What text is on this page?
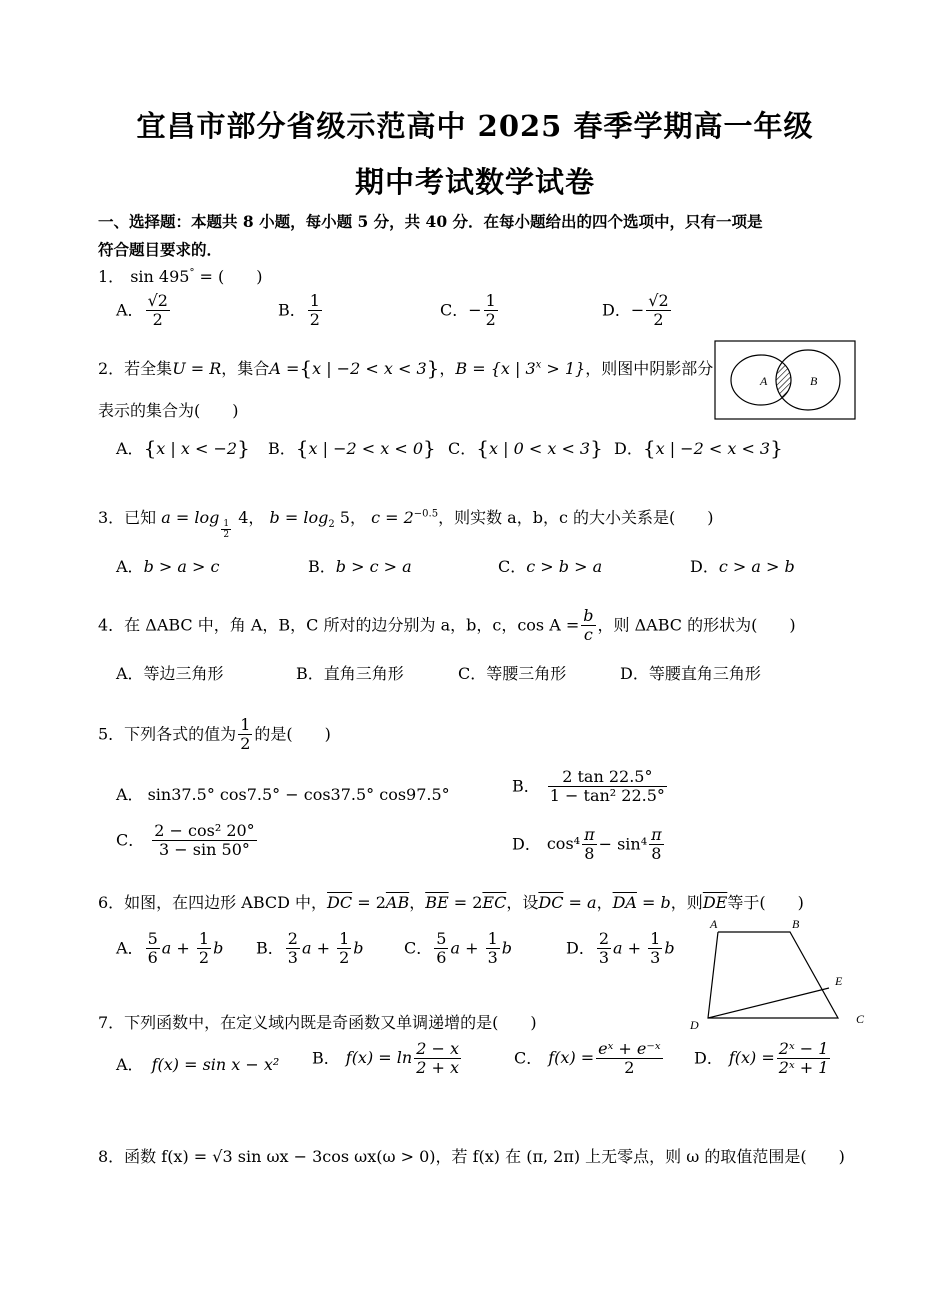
宜昌市部分省级示范高中 2025 春季学期高一年级
期中考试数学试卷
一、选择题：本题共 8 小题，每小题 5 分，共 40 分．在每小题给出的四个选项中，只有一项是
符合题目要求的．
1． sin 495° = (　　)
A． $\frac{√2}{2}$	B． $\frac{1}{2}$	C．− $\frac{1}{2}$	D．− $\frac{√2}{2}$
2．若全集U = R，集合A ={x | −2 < x < 3}，B = {x | $3^x > 1$}，则图中阴影部分
表示的集合为(　　)
A	B
A．{x | x < −2} B．{x | −2 < x < 0} C．{x | 0 < x < 3} D．{x | −2 < x < 3}
3．已知 a = log
$\frac{1}{2}$
4， $b = \log_2 5$， $c = 2^{-0.5}$，则实数 a，b，c 的大小关系是(　　)
A．b > a > c	B．b > c > a	C．c > b > a	D．c > a > b
4．在 ΔABC 中，角 A，B，C 所对的边分别为 a，b，c，$\cos A = \frac{b}{c}$ ，则 ΔABC 的形状为(　　)
A．等边三角形	B．直角三角形	C．等腰三角形	D．等腰直角三角形
5．下列各式的值为 $\frac{1}{2}$ 的是(　　)
A． sin37.5° cos7.5° − cos37.5° cos97.5°	B． $\frac{2 \tan 22.5^\circ}{\text{1 − tan² 22.5°}}$
C． $\frac{\text{2 − cos² 20°}}{3 - \sin 50^\circ}$	D． $\cos^4 \frac{\pi}{8} - \sin^4 \frac{\pi}{8}$
6．如图，在四边形 ABCD 中，$\overline{DC} = 2\overline{AB}$，$\overline{BE} = 2\overline{EC}$，设$\overline{DC} = a$，$\overline{DA} = b$，则$\overline{DE}$等于(　　)
A． $\frac{5}{6}$ $a + \frac{1}{2}$ b B． $\frac{2}{3}$ $a + \frac{1}{2}$ b	C． $\frac{5}{6}$ $a + \frac{1}{3}$ b	D． $\frac{2}{3}$ $a + \frac{1}{3}$ b
A	B
C
D
E
7．下列函数中，在定义域内既是奇函数又单调递增的是(　　)
A． f(x) = sin x − x² B． $f(x) = \ln \frac{2 - x}{2 + x}$	C． $f(x) = \frac{\text{eˣ + e⁻ˣ}}{2}$ D． $f(x) = \frac{\text{2ˣ − 1}}{\text{2ˣ + 1}}$
8．函数 f(x) = √3 sin ωx − 3cos ωx(ω > 0)，若 f(x) 在 (π, 2π) 上无零点，则 ω 的取值范围是(　　)
